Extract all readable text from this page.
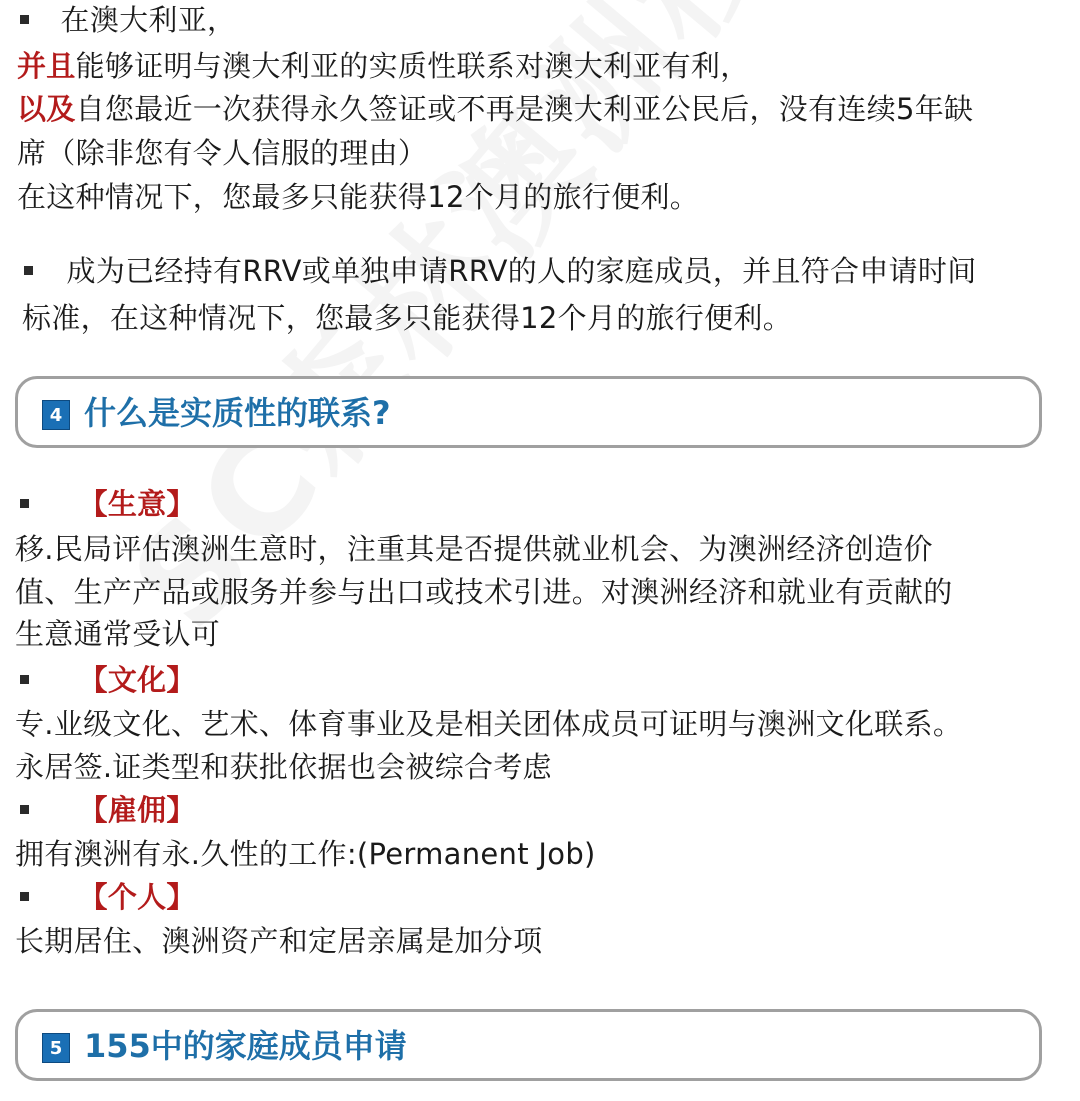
在澳大利亚，
并且能够证明与澳大利亚的实质性联系对澳大利亚有利，
以及自您最近一次获得永久签证或不再是澳大利亚公民后，没有连续5年缺
席（除非您有令人信服的理由）
在这种情况下，您最多只能获得12个月的旅行便利。
成为已经持有RRV或单独申请RRV的人的家庭成员，并且符合申请时间
标准，在这种情况下，您最多只能获得12个月的旅行便利。
4 什么是实质性的联系?
【生意】
移.民局评估澳洲生意时，注重其是否提供就业机会、为澳洲经济创造价
值、生产产品或服务并参与出口或技术引进。对澳洲经济和就业有贡献的
生意通常受认可
【文化】
专.业级文化、艺术、体育事业及是相关团体成员可证明与澳洲文化联系。
永居签.证类型和获批依据也会被综合考虑
【雇佣】
拥有澳洲有永.久性的工作:(Permanent Job)
【个人】
长期居住、澳洲资产和定居亲属是加分项
5 155中的家庭成员申请
